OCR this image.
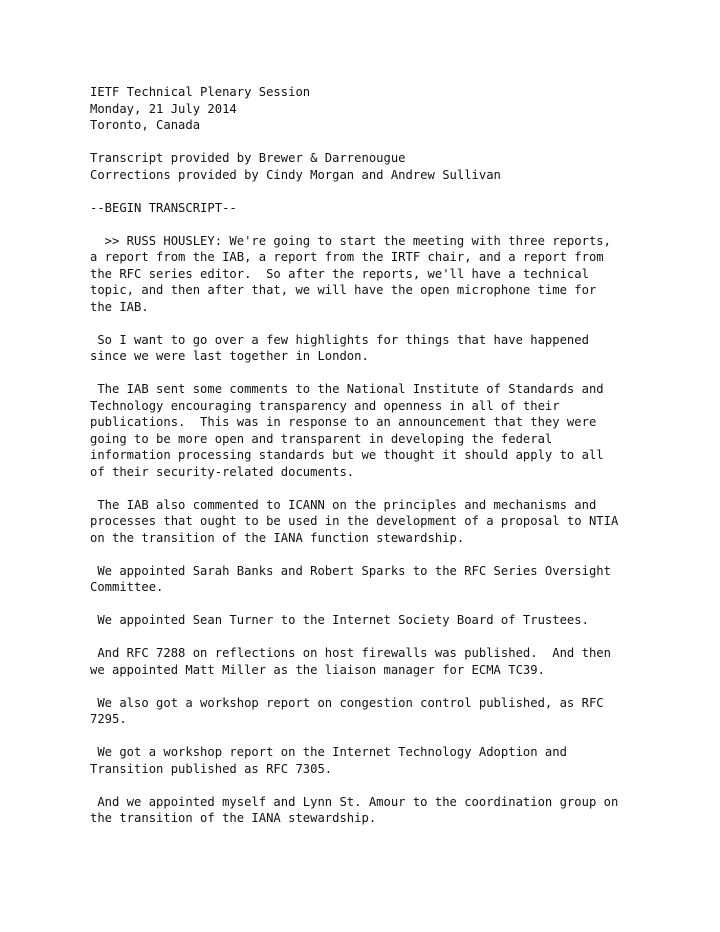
IETF Technical Plenary Session
Monday, 21 July 2014
Toronto, Canada
Transcript provided by Brewer & Darrenougue
Corrections provided by Cindy Morgan and Andrew Sullivan
--BEGIN TRANSCRIPT--
>> RUSS HOUSLEY: We're going to start the meeting with three reports,
a report from the IAB, a report from the IRTF chair, and a report from
the RFC series editor.  So after the reports, we'll have a technical
topic, and then after that, we will have the open microphone time for
the IAB.
So I want to go over a few highlights for things that have happened
since we were last together in London.
The IAB sent some comments to the National Institute of Standards and
Technology encouraging transparency and openness in all of their
publications.  This was in response to an announcement that they were
going to be more open and transparent in developing the federal
information processing standards but we thought it should apply to all
of their security-related documents.
The IAB also commented to ICANN on the principles and mechanisms and
processes that ought to be used in the development of a proposal to NTIA
on the transition of the IANA function stewardship.
We appointed Sarah Banks and Robert Sparks to the RFC Series Oversight
Committee.
We appointed Sean Turner to the Internet Society Board of Trustees.
And RFC 7288 on reflections on host firewalls was published.  And then
we appointed Matt Miller as the liaison manager for ECMA TC39.
We also got a workshop report on congestion control published, as RFC
7295.
We got a workshop report on the Internet Technology Adoption and
Transition published as RFC 7305.
And we appointed myself and Lynn St. Amour to the coordination group on
the transition of the IANA stewardship.
